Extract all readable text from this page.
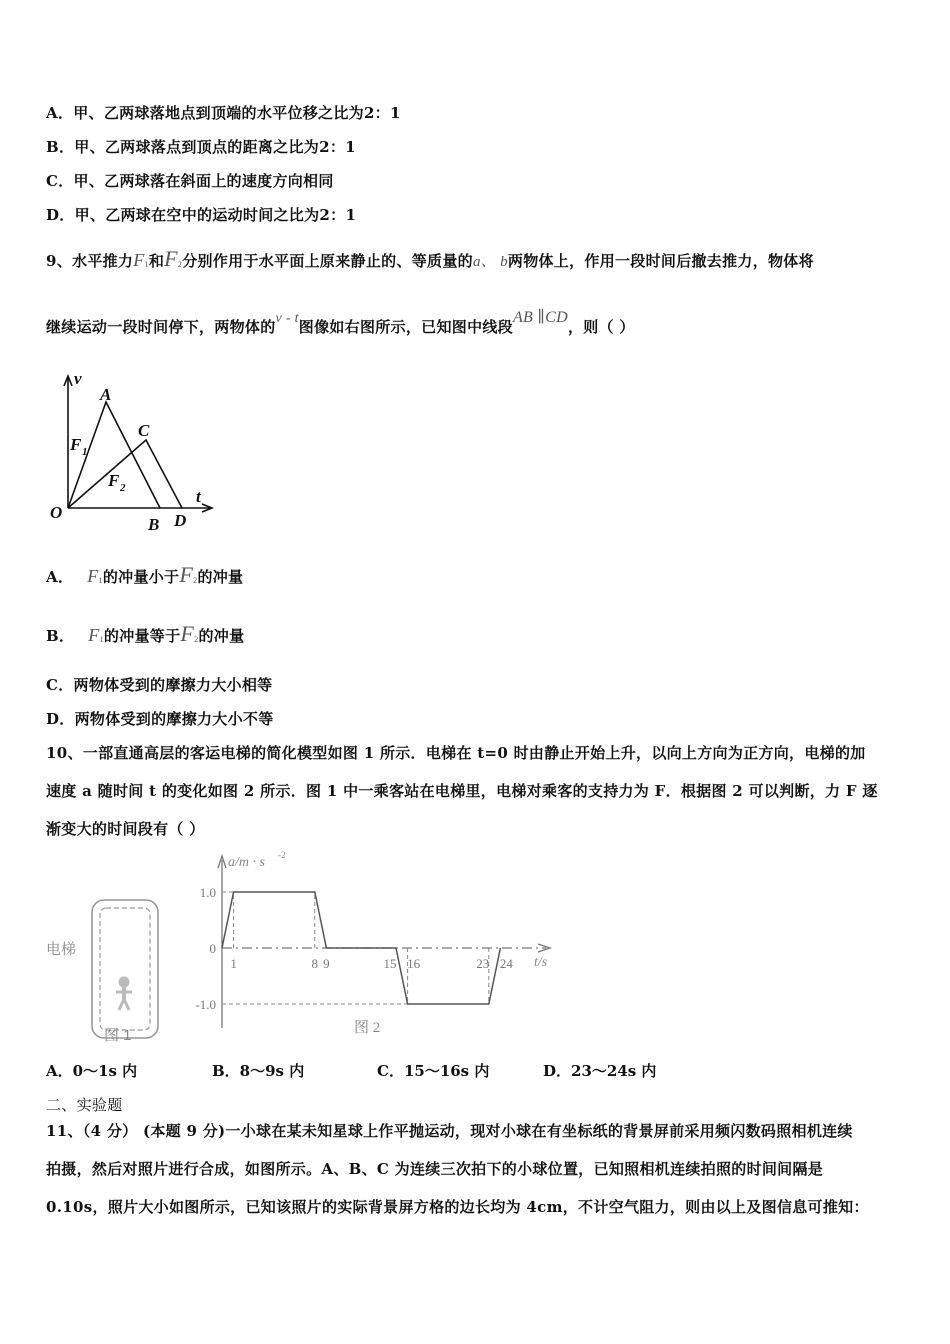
A．甲、乙两球落地点到顶端的水平位移之比为2：1
B．甲、乙两球落点到顶点的距离之比为2：1
C．甲、乙两球落在斜面上的速度方向相同
D．甲、乙两球在空中的运动时间之比为2：1
9、水平推力F1和F2分别作用于水平面上原来静止的、等质量的a、 b两物体上，作用一段时间后撤去推力，物体将
继续运动一段时间停下，两物体的v - t图像如右图所示，已知图中线段AB ∥CD，则（ ）
v
t
O
A
B
C
D
F 1
F 2
A． F1的冲量小于F2的冲量
B． F1的冲量等于F2的冲量
C．两物体受到的摩擦力大小相等
D．两物体受到的摩擦力大小不等
10、一部直通高层的客运电梯的简化模型如图 1 所示．电梯在 t=0 时由静止开始上升，以向上方向为正方向，电梯的加
速度 a 随时间 t 的变化如图 2 所示．图 1 中一乘客站在电梯里，电梯对乘客的支持力为 F．根据图 2 可以判断，力 F 逐
渐变大的时间段有（ ）
电梯
图 1
1.0
0
-1.0
1	8 9	15 16	23 24
a/m · s -2
t/s
图 2
A．0～1s 内	B．8～9s 内	C．15～16s 内	D．23～24s 内
二、实验题
11、（4 分） (本题 9 分)一小球在某未知星球上作平抛运动，现对小球在有坐标纸的背景屏前采用频闪数码照相机连续
拍摄，然后对照片进行合成，如图所示。A、B、C 为连续三次拍下的小球位置，已知照相机连续拍照的时间间隔是
0.10s，照片大小如图所示，已知该照片的实际背景屏方格的边长均为 4cm，不计空气阻力，则由以上及图信息可推知：
